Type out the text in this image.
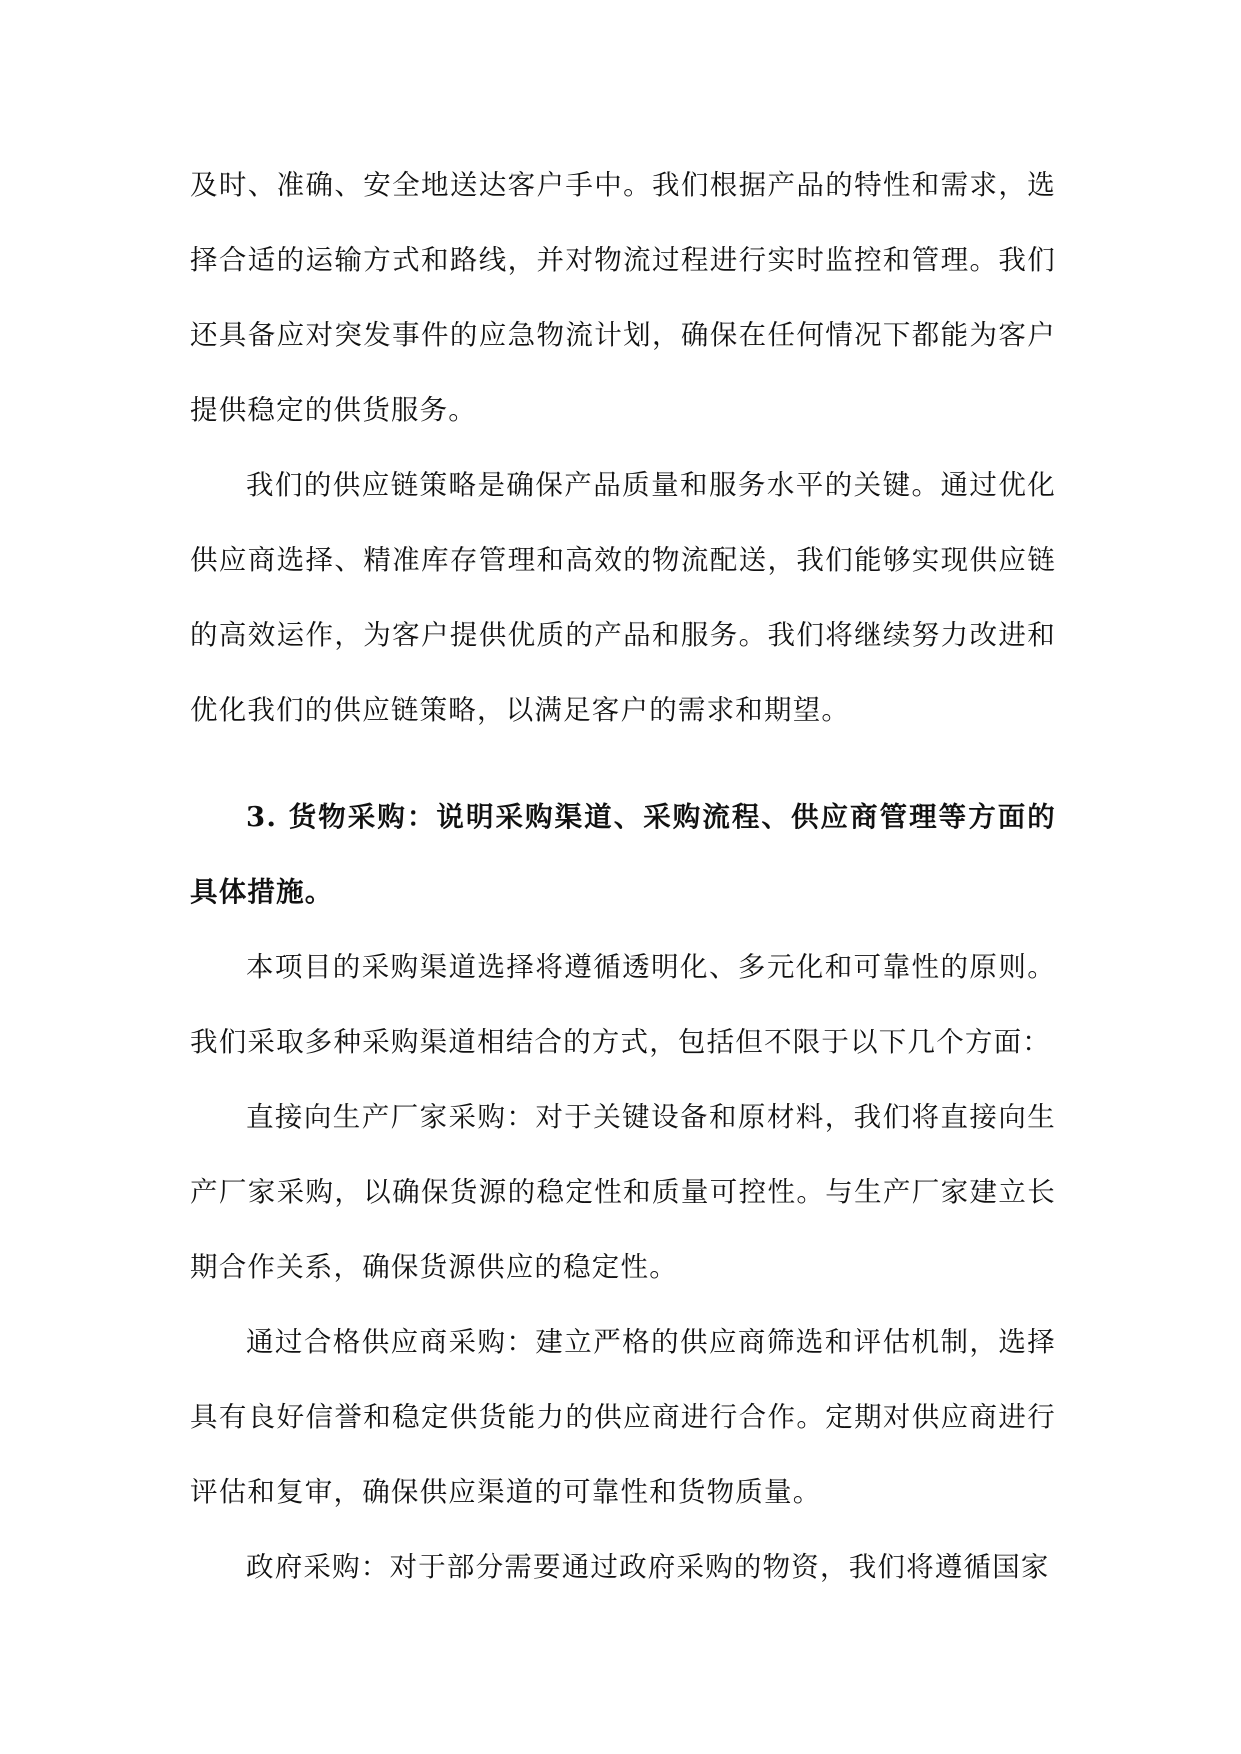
及时、准确、安全地送达客户手中。我们根据产品的特性和需求，选择合适的运输方式和路线，并对物流过程进行实时监控和管理。我们还具备应对突发事件的应急物流计划，确保在任何情况下都能为客户提供稳定的供货服务。

我们的供应链策略是确保产品质量和服务水平的关键。通过优化供应商选择、精准库存管理和高效的物流配送，我们能够实现供应链的高效运作，为客户提供优质的产品和服务。我们将继续努力改进和优化我们的供应链策略，以满足客户的需求和期望。

3. 货物采购：说明采购渠道、采购流程、供应商管理等方面的具体措施。

本项目的采购渠道选择将遵循透明化、多元化和可靠性的原则。我们采取多种采购渠道相结合的方式，包括但不限于以下几个方面：

直接向生产厂家采购：对于关键设备和原材料，我们将直接向生产厂家采购，以确保货源的稳定性和质量可控性。与生产厂家建立长期合作关系，确保货源供应的稳定性。

通过合格供应商采购：建立严格的供应商筛选和评估机制，选择具有良好信誉和稳定供货能力的供应商进行合作。定期对供应商进行评估和复审，确保供应渠道的可靠性和货物质量。

政府采购：对于部分需要通过政府采购的物资，我们将遵循国家
